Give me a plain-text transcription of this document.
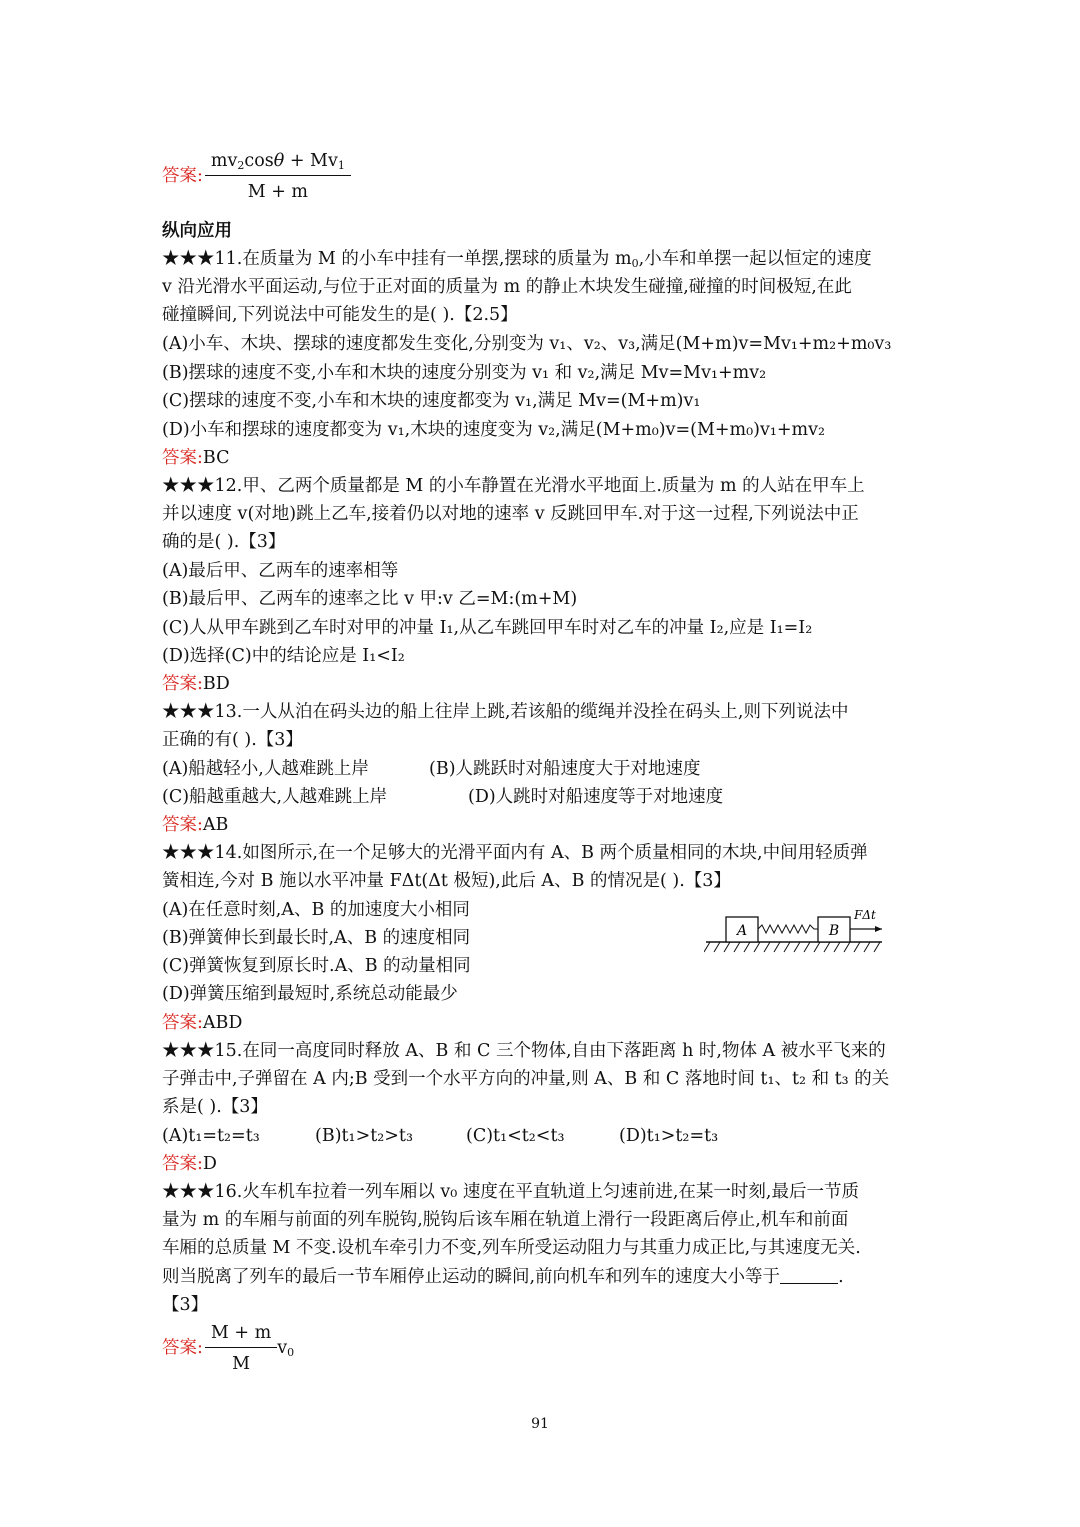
答案: $\frac{mv_2\cos\theta + Mv_1}{M + m}$
纵向应用
★★★11.在质量为 M 的小车中挂有一单摆,摆球的质量为 $m_0$,小车和单摆一起以恒定的速度
v 沿光滑水平面运动,与位于正对面的质量为 m 的静止木块发生碰撞,碰撞的时间极短,在此
碰撞瞬间,下列说法中可能发生的是( ).【2.5】
(A)小车、木块、摆球的速度都发生变化,分别变为 v₁、v₂、v₃,满足(M+m)v=Mv₁+m₂+m₀v₃
(B)摆球的速度不变,小车和木块的速度分别变为 v₁ 和 v₂,满足 Mv=Mv₁+mv₂
(C)摆球的速度不变,小车和木块的速度都变为 v₁,满足 Mv=(M+m)v₁
(D)小车和摆球的速度都变为 v₁,木块的速度变为 v₂,满足(M+m₀)v=(M+m₀)v₁+mv₂
答案:BC
★★★12.甲、乙两个质量都是 M 的小车静置在光滑水平地面上.质量为 m 的人站在甲车上
并以速度 v(对地)跳上乙车,接着仍以对地的速率 v 反跳回甲车.对于这一过程,下列说法中正
确的是( ).【3】
(A)最后甲、乙两车的速率相等
(B)最后甲、乙两车的速率之比 v 甲:v 乙=M:(m+M)
(C)人从甲车跳到乙车时对甲的冲量 I₁,从乙车跳回甲车时对乙车的冲量 I₂,应是 I₁=I₂
(D)选择(C)中的结论应是 I₁<I₂
答案:BD
★★★13.一人从泊在码头边的船上往岸上跳,若该船的缆绳并没拴在码头上,则下列说法中
正确的有( ).【3】
(A)船越轻小,人越难跳上岸	(B)人跳跃时对船速度大于对地速度
(C)船越重越大,人越难跳上岸	(D)人跳时对船速度等于对地速度
答案:AB
★★★14.如图所示,在一个足够大的光滑平面内有 A、B 两个质量相同的木块,中间用轻质弹
簧相连,今对 B 施以水平冲量 FΔt(Δt 极短),此后 A、B 的情况是( ).【3】
(A)在任意时刻,A、B 的加速度大小相同
(B)弹簧伸长到最长时,A、B 的速度相同
(C)弹簧恢复到原长时.A、B 的动量相同
(D)弹簧压缩到最短时,系统总动能最少
答案:ABD
★★★15.在同一高度同时释放 A、B 和 C 三个物体,自由下落距离 h 时,物体 A 被水平飞来的
子弹击中,子弹留在 A 内;B 受到一个水平方向的冲量,则 A、B 和 C 落地时间 t₁、t₂ 和 t₃ 的关
系是( ).【3】
(A)t₁=t₂=t₃	(B)t₁>t₂>t₃	(C)t₁<t₂<t₃	(D)t₁>t₂=t₃
答案:D
★★★16.火车机车拉着一列车厢以 v₀ 速度在平直轨道上匀速前进,在某一时刻,最后一节质
量为 m 的车厢与前面的列车脱钩,脱钩后该车厢在轨道上滑行一段距离后停止,机车和前面
车厢的总质量 M 不变.设机车牵引力不变,列车所受运动阻力与其重力成正比,与其速度无关.
则当脱离了列车的最后一节车厢停止运动的瞬间,前向机车和列车的速度大小等于	.
【3】
答案: $\frac{M + m}{M} v_0$
A	B
FΔt
91
